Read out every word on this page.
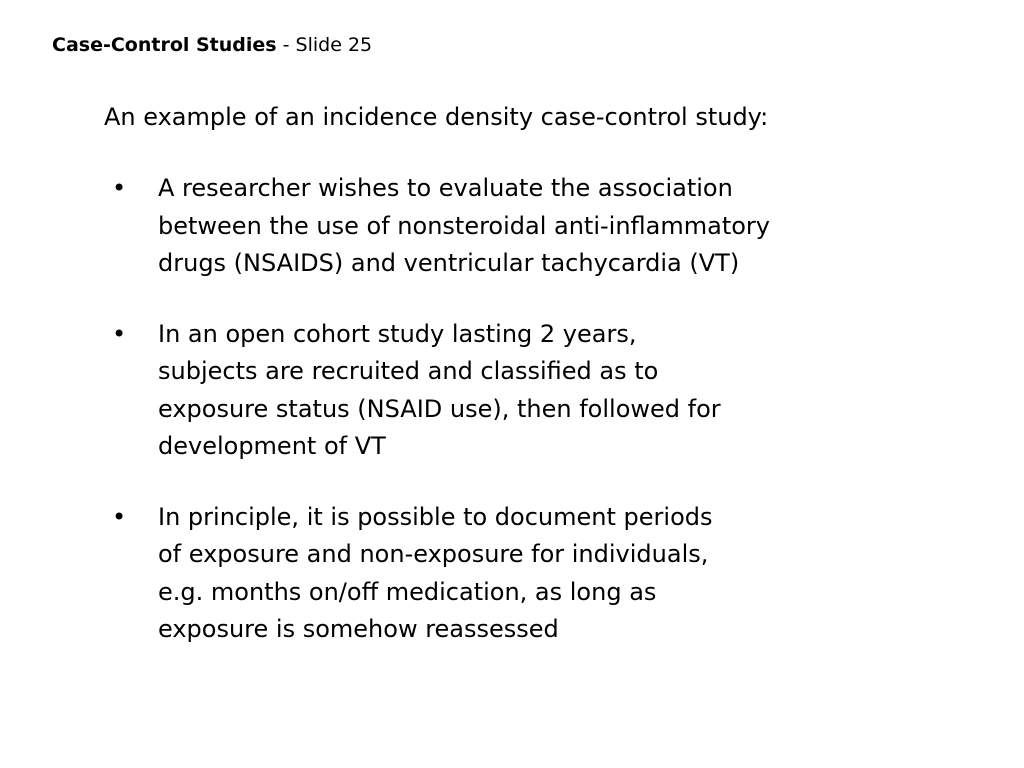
Case-Control Studies - Slide 25
An example of an incidence density case-control study:
• A researcher wishes to evaluate the association
between the use of nonsteroidal anti-inflammatory
drugs (NSAIDS) and ventricular tachycardia (VT)
• In an open cohort study lasting 2 years,
subjects are recruited and classified as to
exposure status (NSAID use), then followed for
development of VT
• In principle, it is possible to document periods
of exposure and non-exposure for individuals,
e.g. months on/off medication, as long as
exposure is somehow reassessed
